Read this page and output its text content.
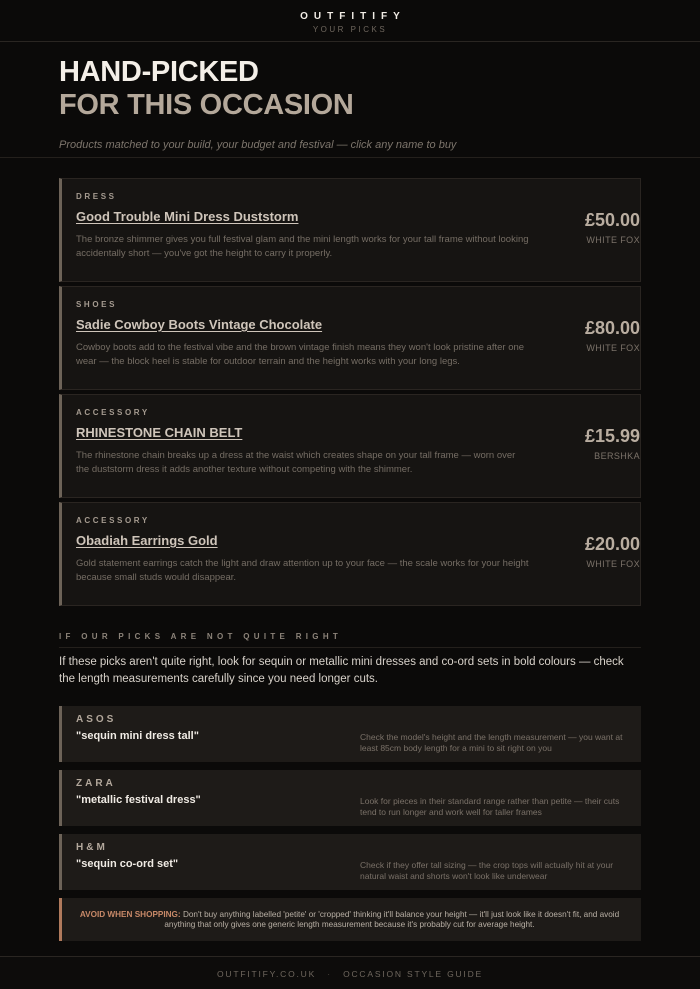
OUTFITIFY
YOUR PICKS
HAND-PICKED
FOR THIS OCCASION
Products matched to your build, your budget and festival — click any name to buy
DRESS
Good Trouble Mini Dress Duststorm
The bronze shimmer gives you full festival glam and the mini length works for your tall frame without looking accidentally short — you've got the height to carry it properly.
£50.00
WHITE FOX
SHOES
Sadie Cowboy Boots Vintage Chocolate
Cowboy boots add to the festival vibe and the brown vintage finish means they won't look pristine after one wear — the block heel is stable for outdoor terrain and the height works with your long legs.
£80.00
WHITE FOX
ACCESSORY
RHINESTONE CHAIN BELT
The rhinestone chain breaks up a dress at the waist which creates shape on your tall frame — worn over the duststorm dress it adds another texture without competing with the shimmer.
£15.99
BERSHKA
ACCESSORY
Obadiah Earrings Gold
Gold statement earrings catch the light and draw attention up to your face — the scale works for your height because small studs would disappear.
£20.00
WHITE FOX
IF OUR PICKS ARE NOT QUITE RIGHT
If these picks aren't quite right, look for sequin or metallic mini dresses and co-ord sets in bold colours — check the length measurements carefully since you need longer cuts.
ASOS
"sequin mini dress tall"	Check the model's height and the length measurement — you want at least 85cm body length for a mini to sit right on you
ZARA
"metallic festival dress"	Look for pieces in their standard range rather than petite — their cuts tend to run longer and work well for taller frames
H&M
"sequin co-ord set"	Check if they offer tall sizing — the crop tops will actually hit at your natural waist and shorts won't look like underwear
AVOID WHEN SHOPPING: Don't buy anything labelled 'petite' or 'cropped' thinking it'll balance your height — it'll just look like it doesn't fit, and avoid anything that only gives one generic length measurement because it's probably cut for average height.
OUTFITIFY.CO.UK · OCCASION STYLE GUIDE
